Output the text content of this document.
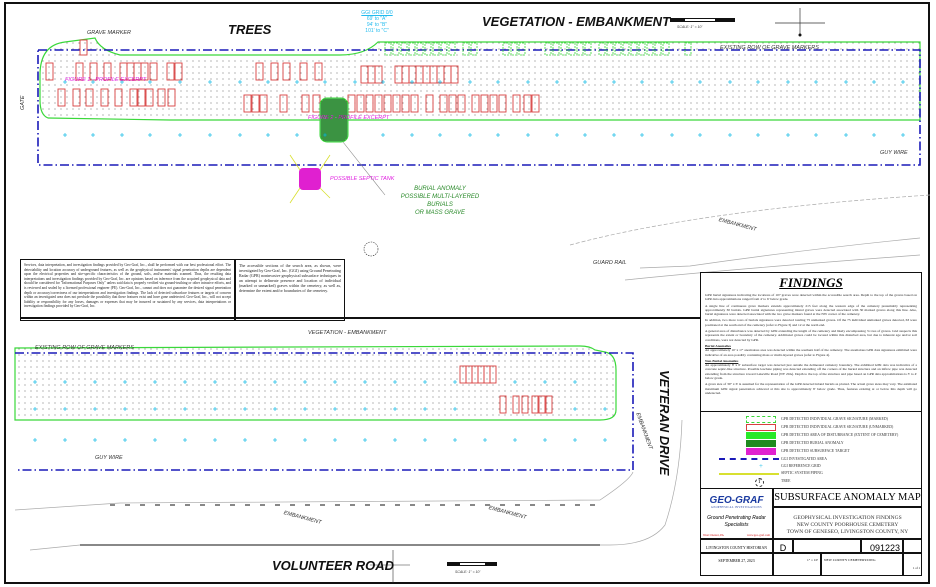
TREES
VEGETATION - EMBANKMENT
GRAVE MARKER
GATE
FIGURE 1 - PROFILE EXCERPT
FIGURE 2 - PROFILE EXCERPT
GGI GRID 0/0
69' to "A"
94' to "B"
101' to "C"
EXISTING ROW OF GRAVE MARKERS
GUY WIRE
POSSIBLE SEPTIC TANK
BURIAL ANOMALY
POSSIBLE MULTI-LAYERED
BURIALS
OR MASS GRAVE
EMBANKMENT
GUARD RAIL
SCALE: 1" = 10'
Services, data interpretation, and investigation findings provided by Geo-Graf, Inc., shall be performed with our best professional effort. The detectability and location accuracy of underground features, as well as the geophysical instruments' signal penetration depths are dependent upon the electrical properties and site-specific characteristics of the ground, soils, and/or materials scanned. Thus, the resulting data interpretations and investigation findings provided by Geo-Graf, Inc. are opinions based on inference from the acquired geophysical data and should be considered for "Informational Purposes Only" unless said data is properly verified via ground-truthing or other intrusive efforts, and is reviewed and sealed by a licensed professional engineer (PE). Geo-Graf, Inc., cannot and does not guarantee the desired signal penetration depth or accuracy/correctness of our interpretations and investigation findings. The lack of detected subsurface features or targets of concern within an investigated area does not preclude the possibility that these features exist and have gone undetected. Geo-Graf, Inc., will not accept liability or responsibility for any losses, damages or expenses that may be incurred or sustained by any services, data interpretations or investigation findings provided by Geo-Graf, Inc.
The accessible sections of the search area, as shown, were investigated by Geo-Graf, Inc. (GGI) using Ground Penetrating Radar (GPR) noninvasive geophysical subsurface techniques in an attempt to delineate presence and location of individual (marked or unmarked) graves within the cemetery, as well as, determine the extent and/or boundaries of the cemetery.
VEGETATION - EMBANKMENT
EXISTING ROW OF GRAVE MARKERS
GUY WIRE
EMBANKMENT	EMBANKMENT
EMBANKMENT VETERAN DRIVE
VOLUNTEER ROAD	SCALE: 1" = 10'
FINDINGS

GPR burial signatures indicating the locations of 107 graves were detected within the accessible search area. Depth to the top of the graves based on GPR data approximations ranged from 4' to 6' below grade.

A single line of continuous grave markers extends approximately 215 feet along the western edge of the cemetery presumably representing approximately 30 burials. GPR burial signatures representing inland graves were detected associated with 30 marked graves along this line. Also, burial signatures were detected associated with the two grave markers found at the NW corner of the cemetery.

In addition, two more rows of burials signatures were detected totaling 75 unmarked graves. Of the 75 individual unmarked graves detected, 63 were positioned at the south end of the cemetery (refer to Figure 3) and 12 at the north end.

A general area of disturbance was detected by GPR extending the length of the cemetery and likely encompassing 3 rows of graves. GGI suspects this represents the extent or boundary of the cemetery. Additional graves could be located within this disturbed area, but due to inherent age and/or soil conditions, were not detected by GPR.

Burial Anomalies

An approximately 10' x 17' anomalous area was detected within the southern half of the cemetery. The anomalous GPR data signatures exhibited were indicative of an area possibly containing mass or multi-layered graves (refer to Figure 4).

Non-Burial Anomalies

An approximately 8' x 8' subsurface target was detected just outside the delineated cemetery boundary. The exhibited GPR data was indicative of a concrete septic-like structure. Possible leachate piping was detected extending off the corners of the buried structure and an inflow pipe was detected extending from the structure toward Lakeville Road (NY 20A). Depth to the top of the structure and pipe based on GPR data approximations is 3' to 4' below grade.

A grave size of 30" x 6' is assumed for the representation of the GPR detected inland burials as plotted. The actual grave sizes may vary. The estimated maximum GPR signal penetration achieved at this site is approximately 8' below grade. Thus, features existing at or below this depth will go undetected.

GPR DETECTED INDIVIDUAL GRAVE SIGNATURE (MARKED)
GPR DETECTED INDIVIDUAL GRAVE SIGNATURE (UNMARKED)
GPR DETECTED AREA OF DISTURBANCE (EXTENT OF CEMETERY)
GPR DETECTED BURIAL ANOMALY
GPR DETECTED SUBSURFACE TARGET
GGI INVESTIGATED AREA
+	GGI REFERENCE GRID
SEPTIC SYSTEM PIPING
T	TREE
GEO-GRAF
GEOPHYSICAL INVESTIGATIONS
Ground Penetrating Radar Specialists
West Chester, PA	www.geo-graf.com
SUBSURFACE ANOMALY MAP
GEOPHYSICAL INVESTIGATION FINDINGS
NEW COUNTY POORHOUSE CEMETERY
TOWN OF GENESEO, LIVINGSTON COUNTY, NY
LIVINGSTON COUNTY HISTORIAN
SEPTEMBER 27, 2023
D	091223
1" = 10'	NEW COUNTY CEMETERY.DWG
1 of 1
